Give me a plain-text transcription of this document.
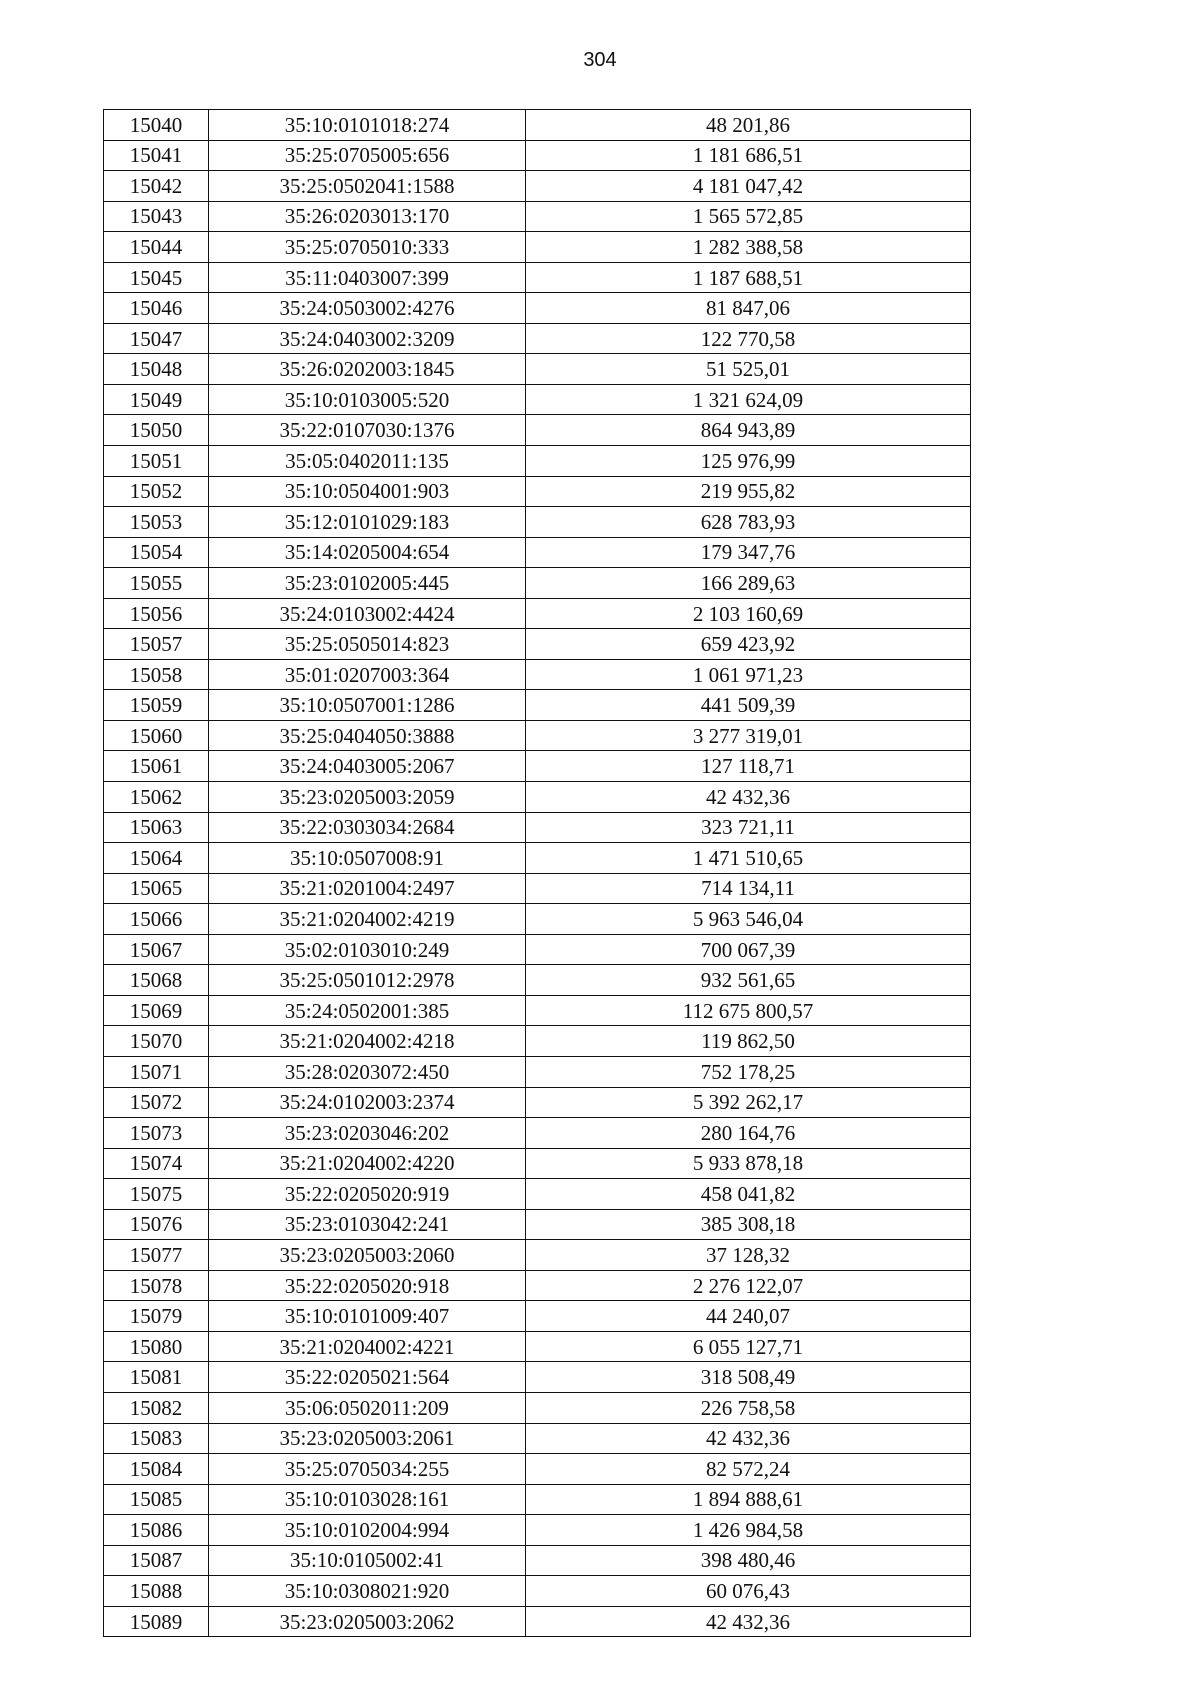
304
15040	35:10:0101018:274	48 201,86
15041	35:25:0705005:656	1 181 686,51
15042	35:25:0502041:1588	4 181 047,42
15043	35:26:0203013:170	1 565 572,85
15044	35:25:0705010:333	1 282 388,58
15045	35:11:0403007:399	1 187 688,51
15046	35:24:0503002:4276	81 847,06
15047	35:24:0403002:3209	122 770,58
15048	35:26:0202003:1845	51 525,01
15049	35:10:0103005:520	1 321 624,09
15050	35:22:0107030:1376	864 943,89
15051	35:05:0402011:135	125 976,99
15052	35:10:0504001:903	219 955,82
15053	35:12:0101029:183	628 783,93
15054	35:14:0205004:654	179 347,76
15055	35:23:0102005:445	166 289,63
15056	35:24:0103002:4424	2 103 160,69
15057	35:25:0505014:823	659 423,92
15058	35:01:0207003:364	1 061 971,23
15059	35:10:0507001:1286	441 509,39
15060	35:25:0404050:3888	3 277 319,01
15061	35:24:0403005:2067	127 118,71
15062	35:23:0205003:2059	42 432,36
15063	35:22:0303034:2684	323 721,11
15064	35:10:0507008:91	1 471 510,65
15065	35:21:0201004:2497	714 134,11
15066	35:21:0204002:4219	5 963 546,04
15067	35:02:0103010:249	700 067,39
15068	35:25:0501012:2978	932 561,65
15069	35:24:0502001:385	112 675 800,57
15070	35:21:0204002:4218	119 862,50
15071	35:28:0203072:450	752 178,25
15072	35:24:0102003:2374	5 392 262,17
15073	35:23:0203046:202	280 164,76
15074	35:21:0204002:4220	5 933 878,18
15075	35:22:0205020:919	458 041,82
15076	35:23:0103042:241	385 308,18
15077	35:23:0205003:2060	37 128,32
15078	35:22:0205020:918	2 276 122,07
15079	35:10:0101009:407	44 240,07
15080	35:21:0204002:4221	6 055 127,71
15081	35:22:0205021:564	318 508,49
15082	35:06:0502011:209	226 758,58
15083	35:23:0205003:2061	42 432,36
15084	35:25:0705034:255	82 572,24
15085	35:10:0103028:161	1 894 888,61
15086	35:10:0102004:994	1 426 984,58
15087	35:10:0105002:41	398 480,46
15088	35:10:0308021:920	60 076,43
15089	35:23:0205003:2062	42 432,36
